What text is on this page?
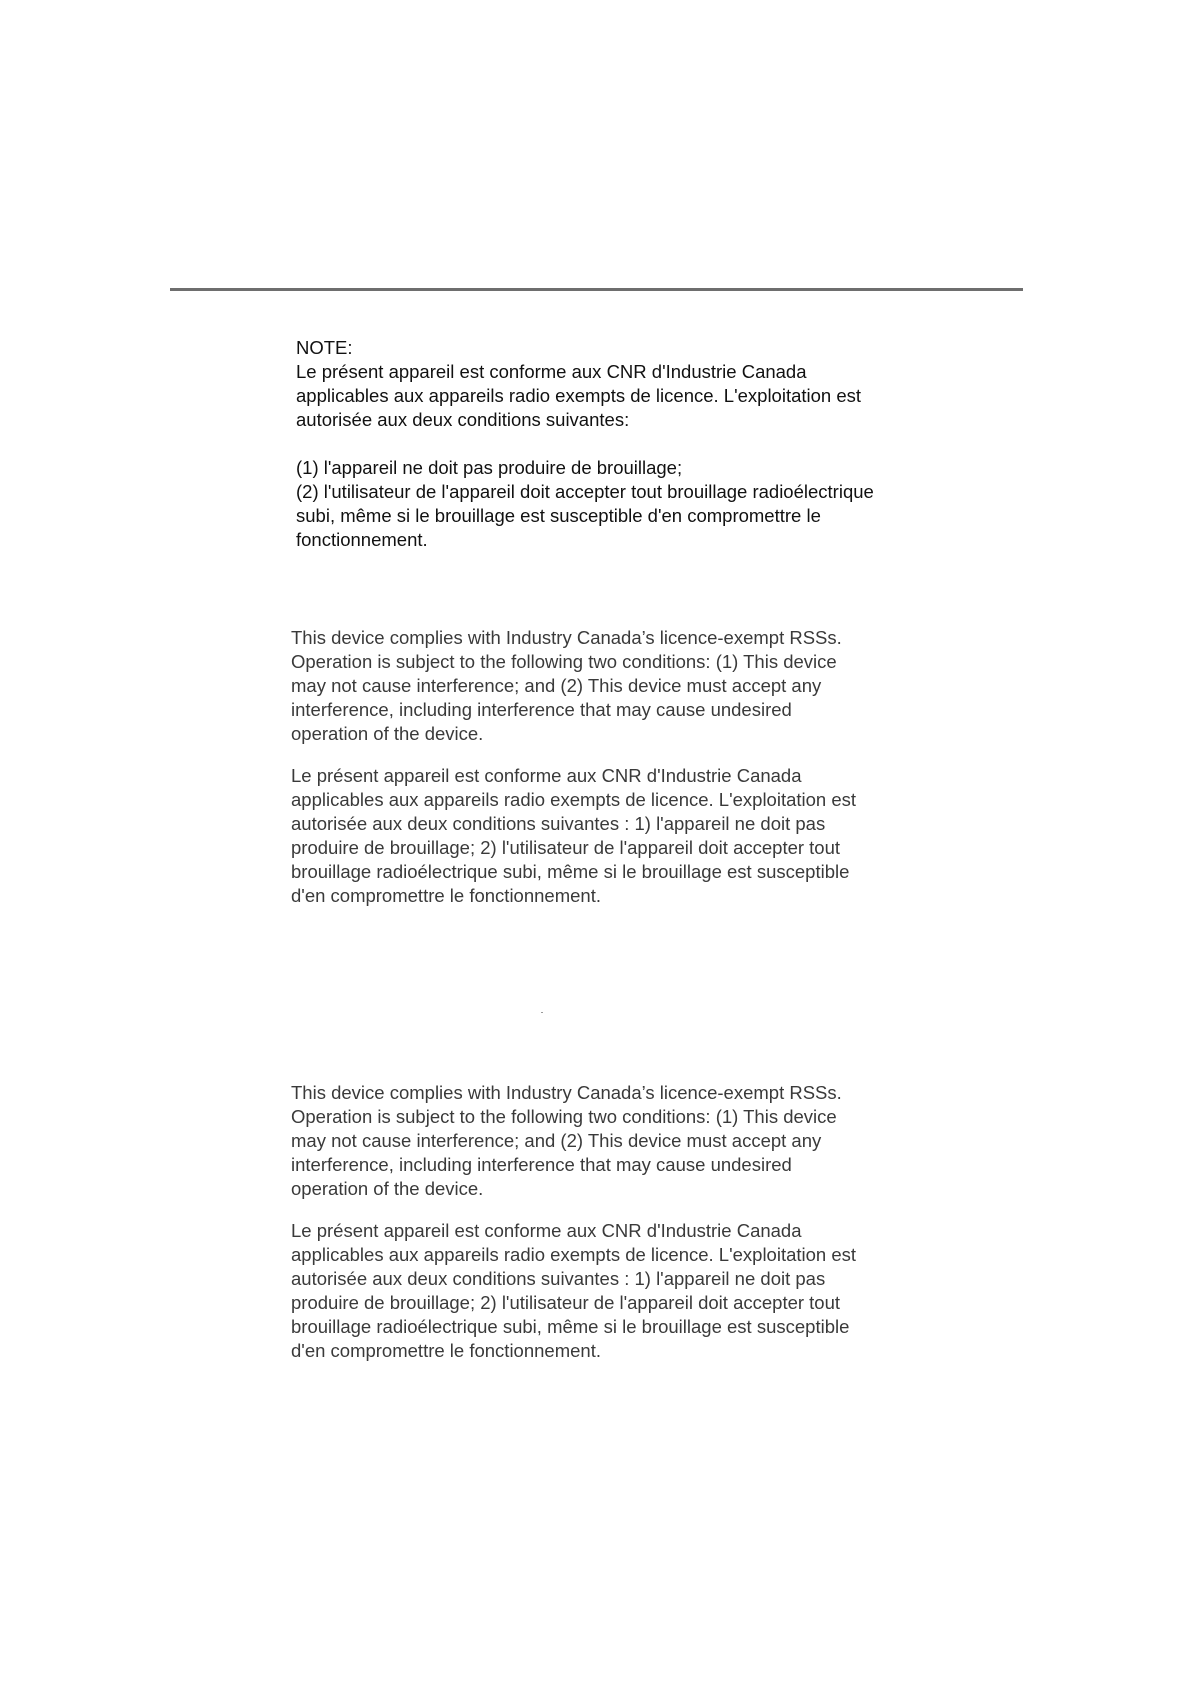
NOTE:

Le présent appareil est conforme aux CNR d'Industrie Canada
applicables aux appareils radio exempts de licence. L'exploitation est
autorisée aux deux conditions suivantes:

(1) l'appareil ne doit pas produire de brouillage;

(2) l'utilisateur de l'appareil doit accepter tout brouillage radioélectrique
subi, même si le brouillage est susceptible d'en compromettre le
fonctionnement.

This device complies with Industry Canada’s licence-exempt RSSs.
Operation is subject to the following two conditions: (1) This device
may not cause interference; and (2) This device must accept any
interference, including interference that may cause undesired
operation of the device.

Le présent appareil est conforme aux CNR d'Industrie Canada
applicables aux appareils radio exempts de licence. L'exploitation est
autorisée aux deux conditions suivantes : 1) l'appareil ne doit pas
produire de brouillage; 2) l'utilisateur de l'appareil doit accepter tout
brouillage radioélectrique subi, même si le brouillage est susceptible
d'en compromettre le fonctionnement.

This device complies with Industry Canada’s licence-exempt RSSs.
Operation is subject to the following two conditions: (1) This device
may not cause interference; and (2) This device must accept any
interference, including interference that may cause undesired
operation of the device.

Le présent appareil est conforme aux CNR d'Industrie Canada
applicables aux appareils radio exempts de licence. L'exploitation est
autorisée aux deux conditions suivantes : 1) l'appareil ne doit pas
produire de brouillage; 2) l'utilisateur de l'appareil doit accepter tout
brouillage radioélectrique subi, même si le brouillage est susceptible
d'en compromettre le fonctionnement.
